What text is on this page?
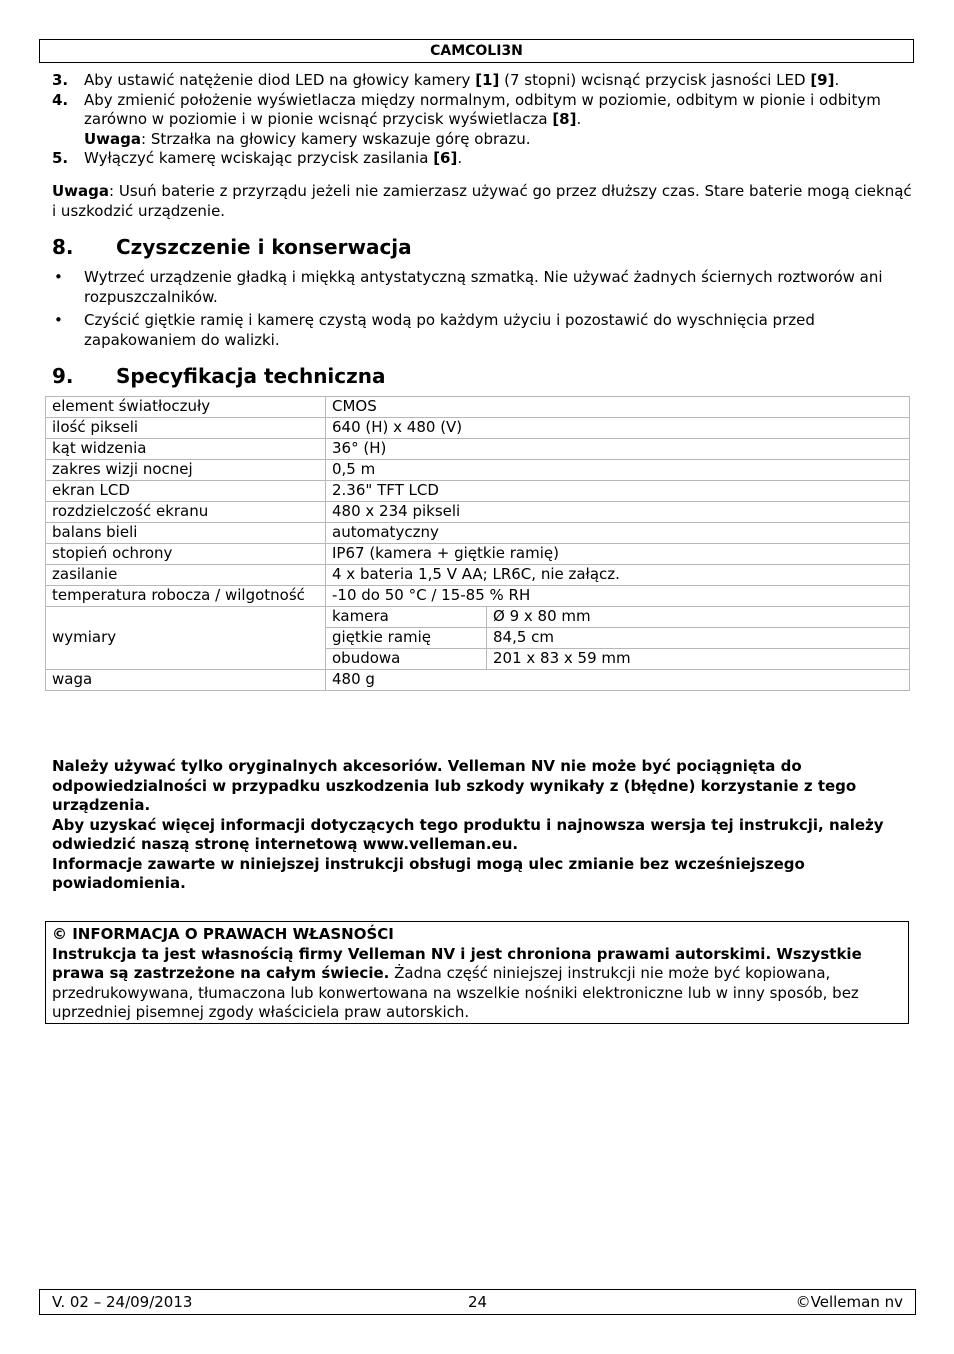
CAMCOLI3N
3. Aby ustawić natężenie diod LED na głowicy kamery [1] (7 stopni) wcisnąć przycisk jasności LED [9].
4. Aby zmienić położenie wyświetlacza między normalnym, odbitym w poziomie, odbitym w pionie i odbitym zarówno w poziomie i w pionie wcisnąć przycisk wyświetlacza [8].
Uwaga: Strzałka na głowicy kamery wskazuje górę obrazu.
5. Wyłączyć kamerę wciskając przycisk zasilania [6].

Uwaga: Usuń baterie z przyrządu jeżeli nie zamierzasz używać go przez dłuższy czas. Stare baterie mogą cieknąć i uszkodzić urządzenie.

8. Czyszczenie i konserwacja
• Wytrzeć urządzenie gładką i miękką antystatyczną szmatką. Nie używać żadnych ściernych roztworów ani rozpuszczalników.
• Czyścić giętkie ramię i kamerę czystą wodą po każdym użyciu i pozostawić do wyschnięcia przed zapakowaniem do walizki.
9. Specyfikacja techniczna
element światłoczuły	CMOS	
ilość pikseli	640 (H) x 480 (V)	
kąt widzenia	36° (H)	
zakres wizji nocnej	0,5 m	
ekran LCD	2.36" TFT LCD	
rozdzielczość ekranu	480 x 234 pikseli	
balans bieli	automatyczny	
stopień ochrony	IP67 (kamera + giętkie ramię)	
zasilanie	4 x bateria 1,5 V AA; LR6C, nie załącz.	
temperatura robocza / wilgotność	-10 do 50 °C / 15-85 % RH	
wymiary	kamera	Ø 9 x 80 mm
	giętkie ramię	84,5 cm
	obudowa	201 x 83 x 59 mm
waga	480 g	

Należy używać tylko oryginalnych akcesoriów. Velleman NV nie może być pociągnięta do odpowiedzialności w przypadku uszkodzenia lub szkody wynikały z (błędne) korzystanie z tego urządzenia.

Aby uzyskać więcej informacji dotyczących tego produktu i najnowsza wersja tej instrukcji, należy odwiedzić naszą stronę internetową www.velleman.eu.

Informacje zawarte w niniejszej instrukcji obsługi mogą ulec zmianie bez wcześniejszego powiadomienia.

© INFORMACJA O PRAWACH WŁASNOŚCI

Instrukcja ta jest własnością firmy Velleman NV i jest chroniona prawami autorskimi. Wszystkie prawa są zastrzeżone na całym świecie. Żadna część niniejszej instrukcji nie może być kopiowana, przedrukowywana, tłumaczona lub konwertowana na wszelkie nośniki elektroniczne lub w inny sposób, bez uprzedniej pisemnej zgody właściciela praw autorskich.

V. 02 – 24/09/2013	24	©Velleman nv
